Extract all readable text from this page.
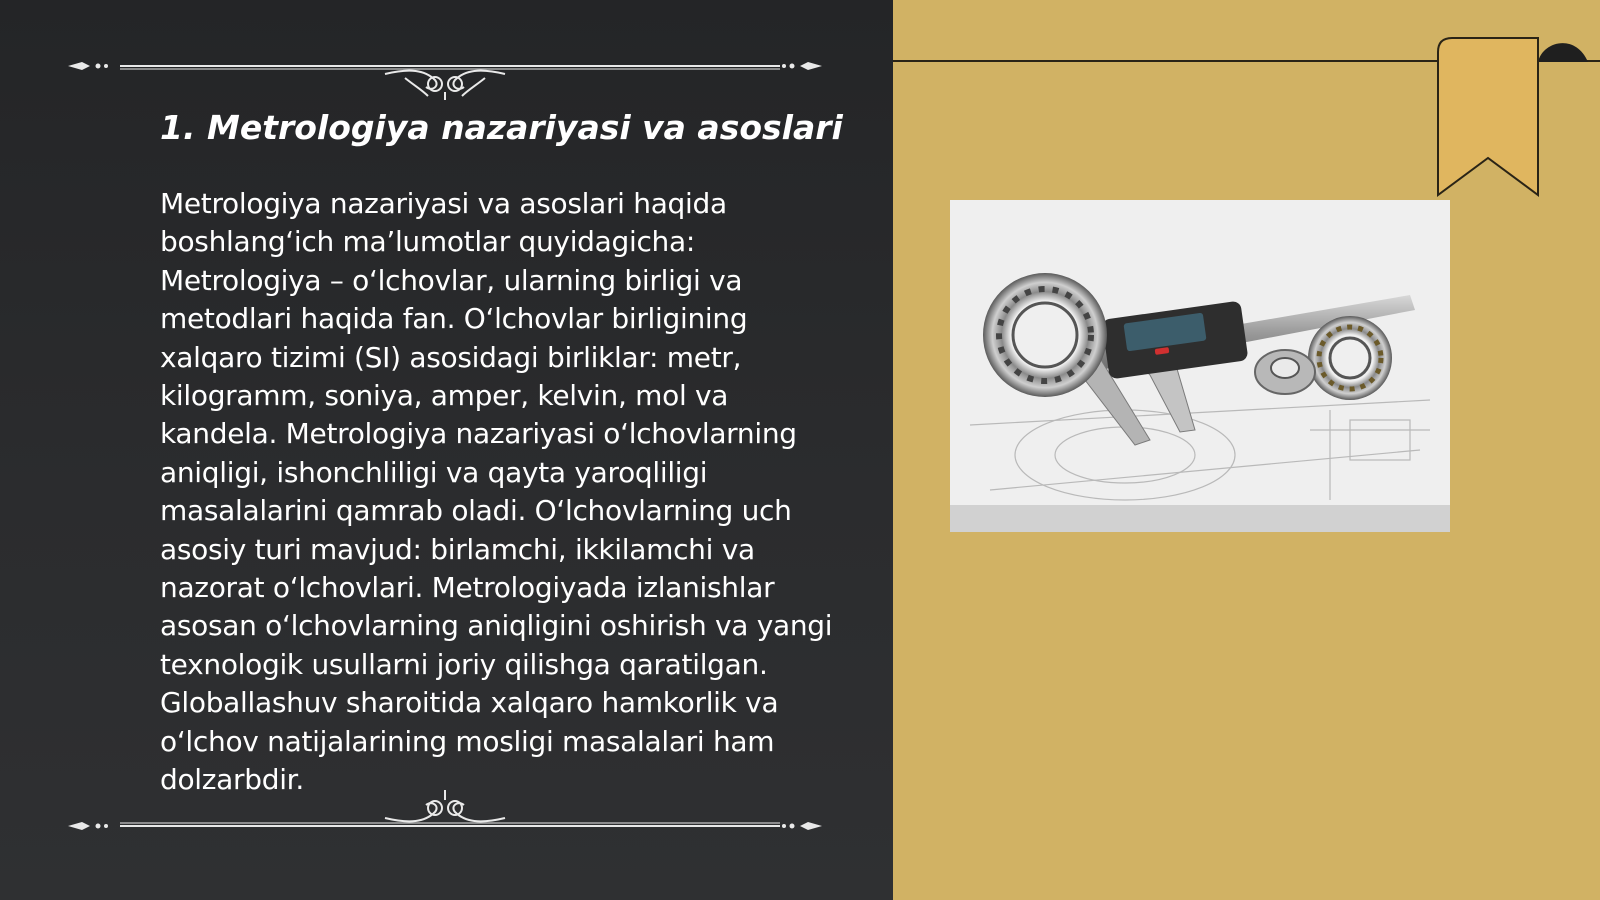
1. Metrologiya nazariyasi va asoslari

Metrologiya nazariyasi va asoslari haqida boshlang‘ich ma’lumotlar quyidagicha: Metrologiya – o‘lchovlar, ularning birligi va metodlari haqida fan. O‘lchovlar birligining xalqaro tizimi (SI) asosidagi birliklar: metr, kilogramm, soniya, amper, kelvin, mol va kandela. Metrologiya nazariyasi o‘lchovlarning aniqligi, ishonchliligi va qayta yaroqliligi masalalarini qamrab oladi. O‘lchovlarning uch asosiy turi mavjud: birlamchi, ikkilamchi va nazorat o‘lchovlari. Metrologiyada izlanishlar asosan o‘lchovlarning aniqligini oshirish va yangi texnologik usullarni joriy qilishga qaratilgan. Globallashuv sharoitida xalqaro hamkorlik va o‘lchov natijalarining mosligi masalalari ham dolzarbdir.
